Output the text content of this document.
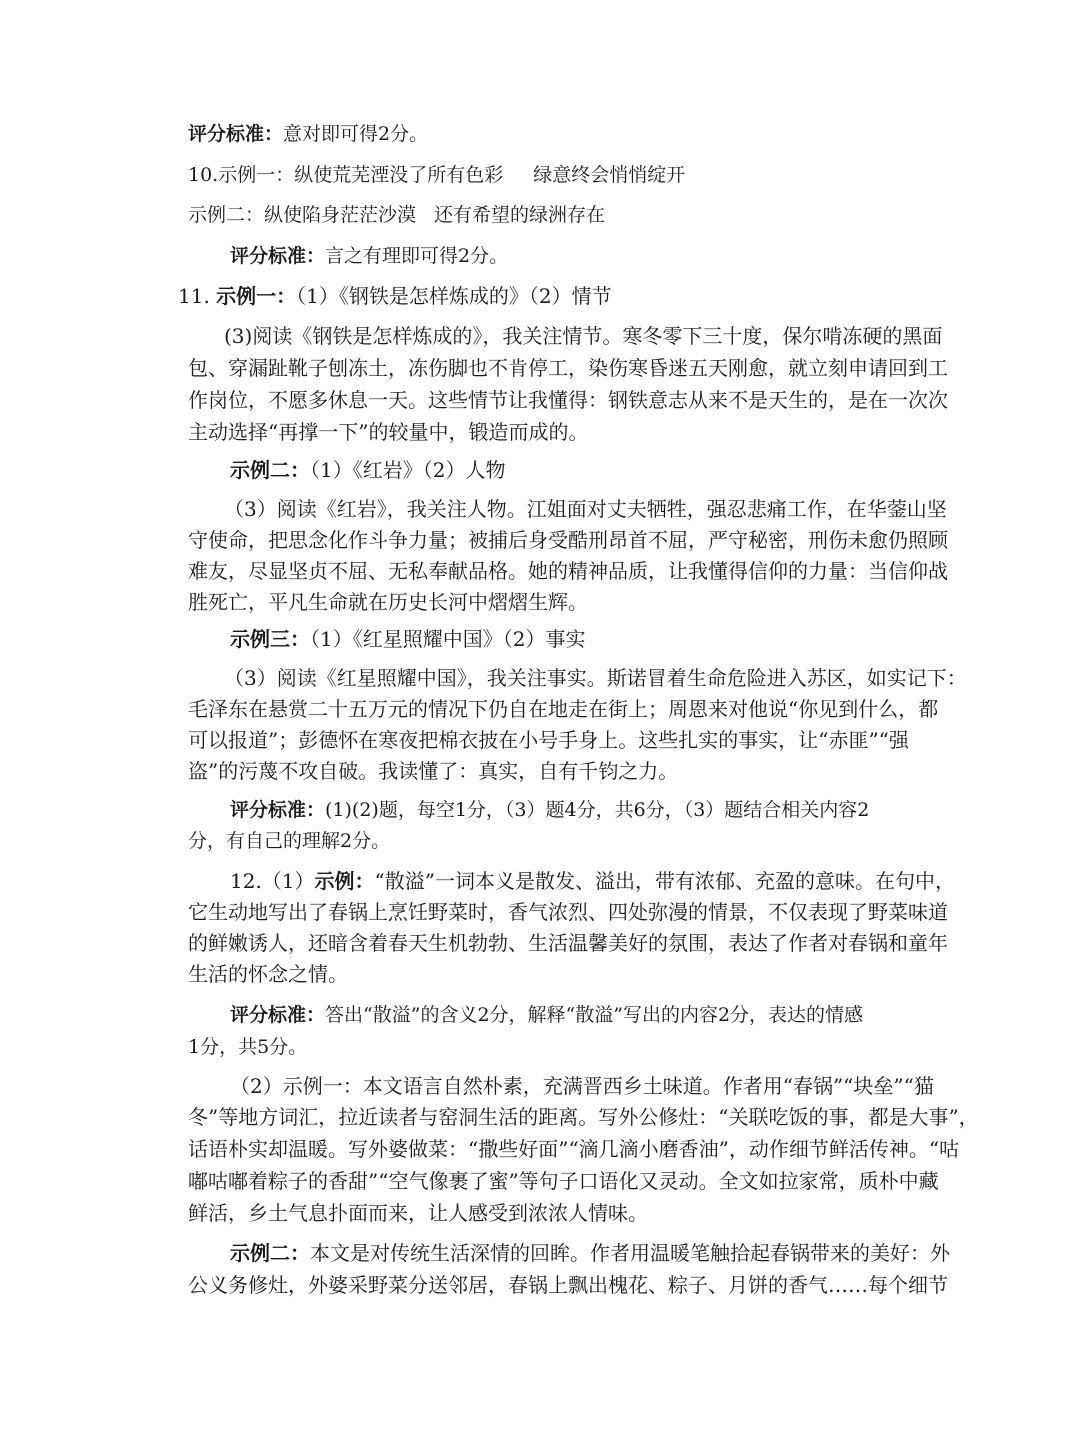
评分标准：意对即可得2分。
10.示例一：纵使荒芜湮没了所有色彩 绿意终会悄悄绽开
示例二：纵使陷身茫茫沙漠 还有希望的绿洲存在
评分标准：言之有理即可得2分。
11. 示例一：（1）《钢铁是怎样炼成的》（2）情节
(3)阅读《钢铁是怎样炼成的》，我关注情节。寒冬零下三十度，保尔啃冻硬的黑面
包、穿漏趾靴子刨冻土，冻伤脚也不肯停工，染伤寒昏迷五天刚愈，就立刻申请回到工
作岗位，不愿多休息一天。这些情节让我懂得：钢铁意志从来不是天生的，是在一次次
主动选择“再撑一下”的较量中，锻造而成的。
示例二：（1）《红岩》（2）人物
（3）阅读《红岩》，我关注人物。江姐面对丈夫牺牲，强忍悲痛工作，在华蓥山坚
守使命，把思念化作斗争力量；被捕后身受酷刑昂首不屈，严守秘密，刑伤未愈仍照顾
难友，尽显坚贞不屈、无私奉献品格。她的精神品质，让我懂得信仰的力量：当信仰战
胜死亡，平凡生命就在历史长河中熠熠生辉。
示例三：（1）《红星照耀中国》（2）事实
（3）阅读《红星照耀中国》，我关注事实。斯诺冒着生命危险进入苏区，如实记下：
毛泽东在悬赏二十五万元的情况下仍自在地走在街上；周恩来对他说“你见到什么，都
可以报道”；彭德怀在寒夜把棉衣披在小号手身上。这些扎实的事实，让“赤匪”“强
盗”的污蔑不攻自破。我读懂了：真实，自有千钧之力。
评分标准：(1)(2)题，每空1分，（3）题4分，共6分，（3）题结合相关内容2
分，有自己的理解2分。
12.（1）示例：“散溢”一词本义是散发、溢出，带有浓郁、充盈的意味。在句中，
它生动地写出了春锅上烹饪野菜时，香气浓烈、四处弥漫的情景，不仅表现了野菜味道
的鲜嫩诱人，还暗含着春天生机勃勃、生活温馨美好的氛围，表达了作者对春锅和童年
生活的怀念之情。
评分标准：答出“散溢”的含义2分，解释“散溢”写出的内容2分，表达的情感
1分，共5分。
（2）示例一：本文语言自然朴素，充满晋西乡土味道。作者用“春锅”“块垒”“猫
冬”等地方词汇，拉近读者与窑洞生活的距离。写外公修灶：“关联吃饭的事，都是大事”，
话语朴实却温暖。写外婆做菜：“撒些好面”“滴几滴小磨香油”，动作细节鲜活传神。“咕
嘟咕嘟着粽子的香甜”“空气像裹了蜜”等句子口语化又灵动。全文如拉家常，质朴中藏
鲜活，乡土气息扑面而来，让人感受到浓浓人情味。
示例二：本文是对传统生活深情的回眸。作者用温暖笔触拾起春锅带来的美好：外
公义务修灶，外婆采野菜分送邻居，春锅上飘出槐花、粽子、月饼的香气……每个细节
